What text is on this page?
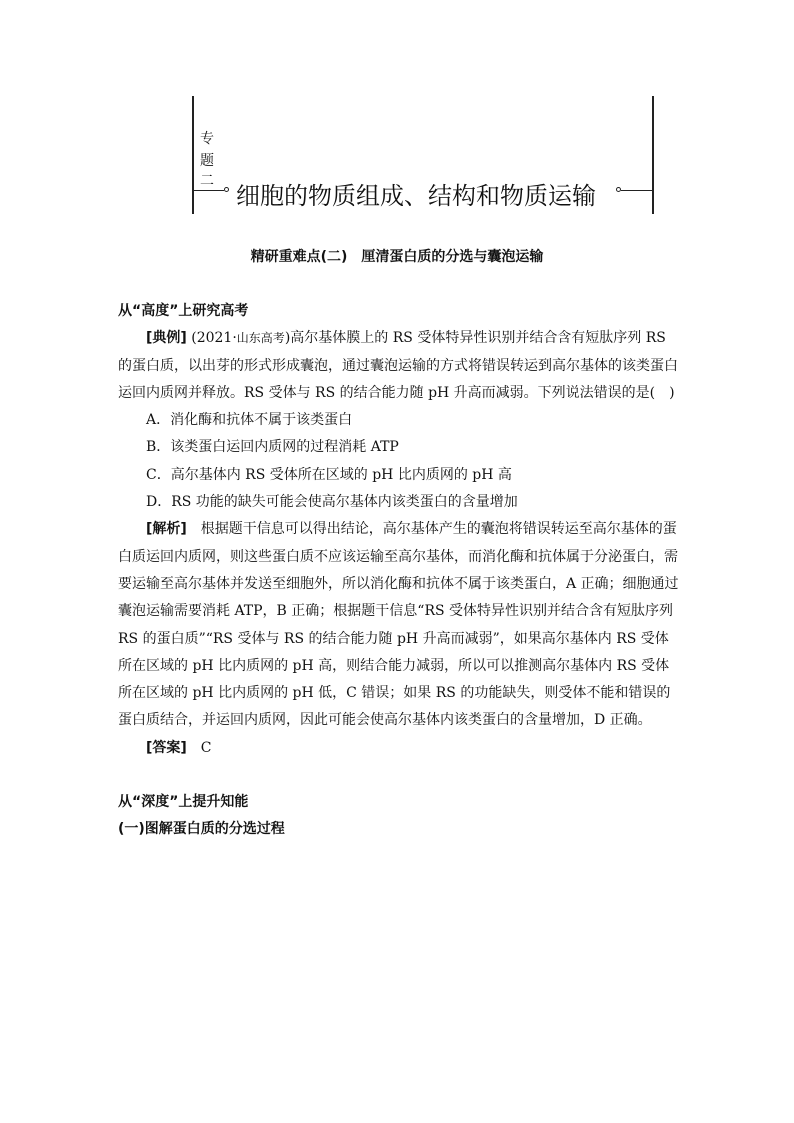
专
题
二
细胞的物质组成、结构和物质运输
精研重难点(二)　厘清蛋白质的分选与囊泡运输

从“高度”上研究高考

[典例] (2021·山东高考)高尔基体膜上的 RS 受体特异性识别并结合含有短肽序列 RS 的蛋白质，以出芽的形式形成囊泡，通过囊泡运输的方式将错误转运到高尔基体的该类蛋白运回内质网并释放。RS 受体与 RS 的结合能力随 pH 升高而减弱。下列说法错误的是(　)

A．消化酶和抗体不属于该类蛋白

B．该类蛋白运回内质网的过程消耗 ATP

C．高尔基体内 RS 受体所在区域的 pH 比内质网的 pH 高

D．RS 功能的缺失可能会使高尔基体内该类蛋白的含量增加

[解析]　 根据题干信息可以得出结论，高尔基体产生的囊泡将错误转运至高尔基体的蛋白质运回内质网，则这些蛋白质不应该运输至高尔基体，而消化酶和抗体属于分泌蛋白，需要运输至高尔基体并发送至细胞外，所以消化酶和抗体不属于该类蛋白，A 正确；细胞通过囊泡运输需要消耗 ATP，B 正确；根据题干信息“RS 受体特异性识别并结合含有短肽序列 RS 的蛋白质”“RS 受体与 RS 的结合能力随 pH 升高而减弱”，如果高尔基体内 RS 受体所在区域的 pH 比内质网的 pH 高，则结合能力减弱，所以可以推测高尔基体内 RS 受体所在区域的 pH 比内质网的 pH 低，C 错误；如果 RS 的功能缺失，则受体不能和错误的蛋白质结合，并运回内质网，因此可能会使高尔基体内该类蛋白的含量增加，D 正确。

[答案]　 C

从“深度”上提升知能

(一)图解蛋白质的分选过程
